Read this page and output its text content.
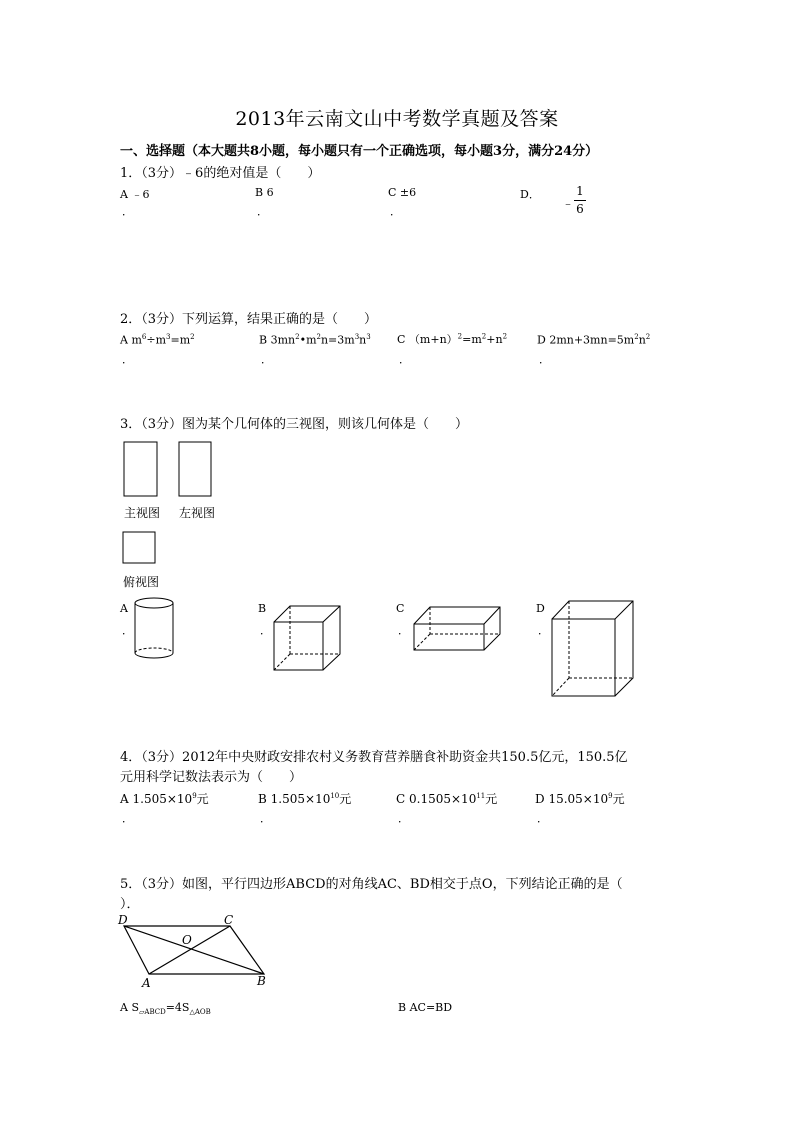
2013年云南文山中考数学真题及答案
一、选择题（本大题共8小题，每小题只有一个正确选项，每小题3分，满分24分）
1．（3分）﹣6的绝对值是（　　）
A ﹣6
．
B 6
．
C ±6
．
D．
﹣
1
6
2．（3分）下列运算，结果正确的是（　　）
A $m^6\div m^3=m^2$
．
B $3mn^2•m^2n=3m^3n^3$
．
C $(m+n)^2=m^2+n^2$
．
D $2mn+3mn=5m^2n^2$
．
3．（3分）图为某个几何体的三视图，则该几何体是（　　）
主视图 左视图
俯视图
A
．
B
．
C
．
D
．
4．（3分）2012年中央财政安排农村义务教育营养膳食补助资金共150.5亿元，150.5亿
元用科学记数法表示为（　　）
A $1.505\times 10^9$元
．
B $1.505\times 10^{10}$元
．
C $0.1505\times 10^{11}$元
．
D $15.05\times 10^9$元
．
5．（3分）如图，平行四边形ABCD的对角线AC、BD相交于点O，下列结论正确的是（
）．
D	C
O
A	B
A $S_{▱ABCD}=4S_{\triangle AOB}$	B AC=BD
